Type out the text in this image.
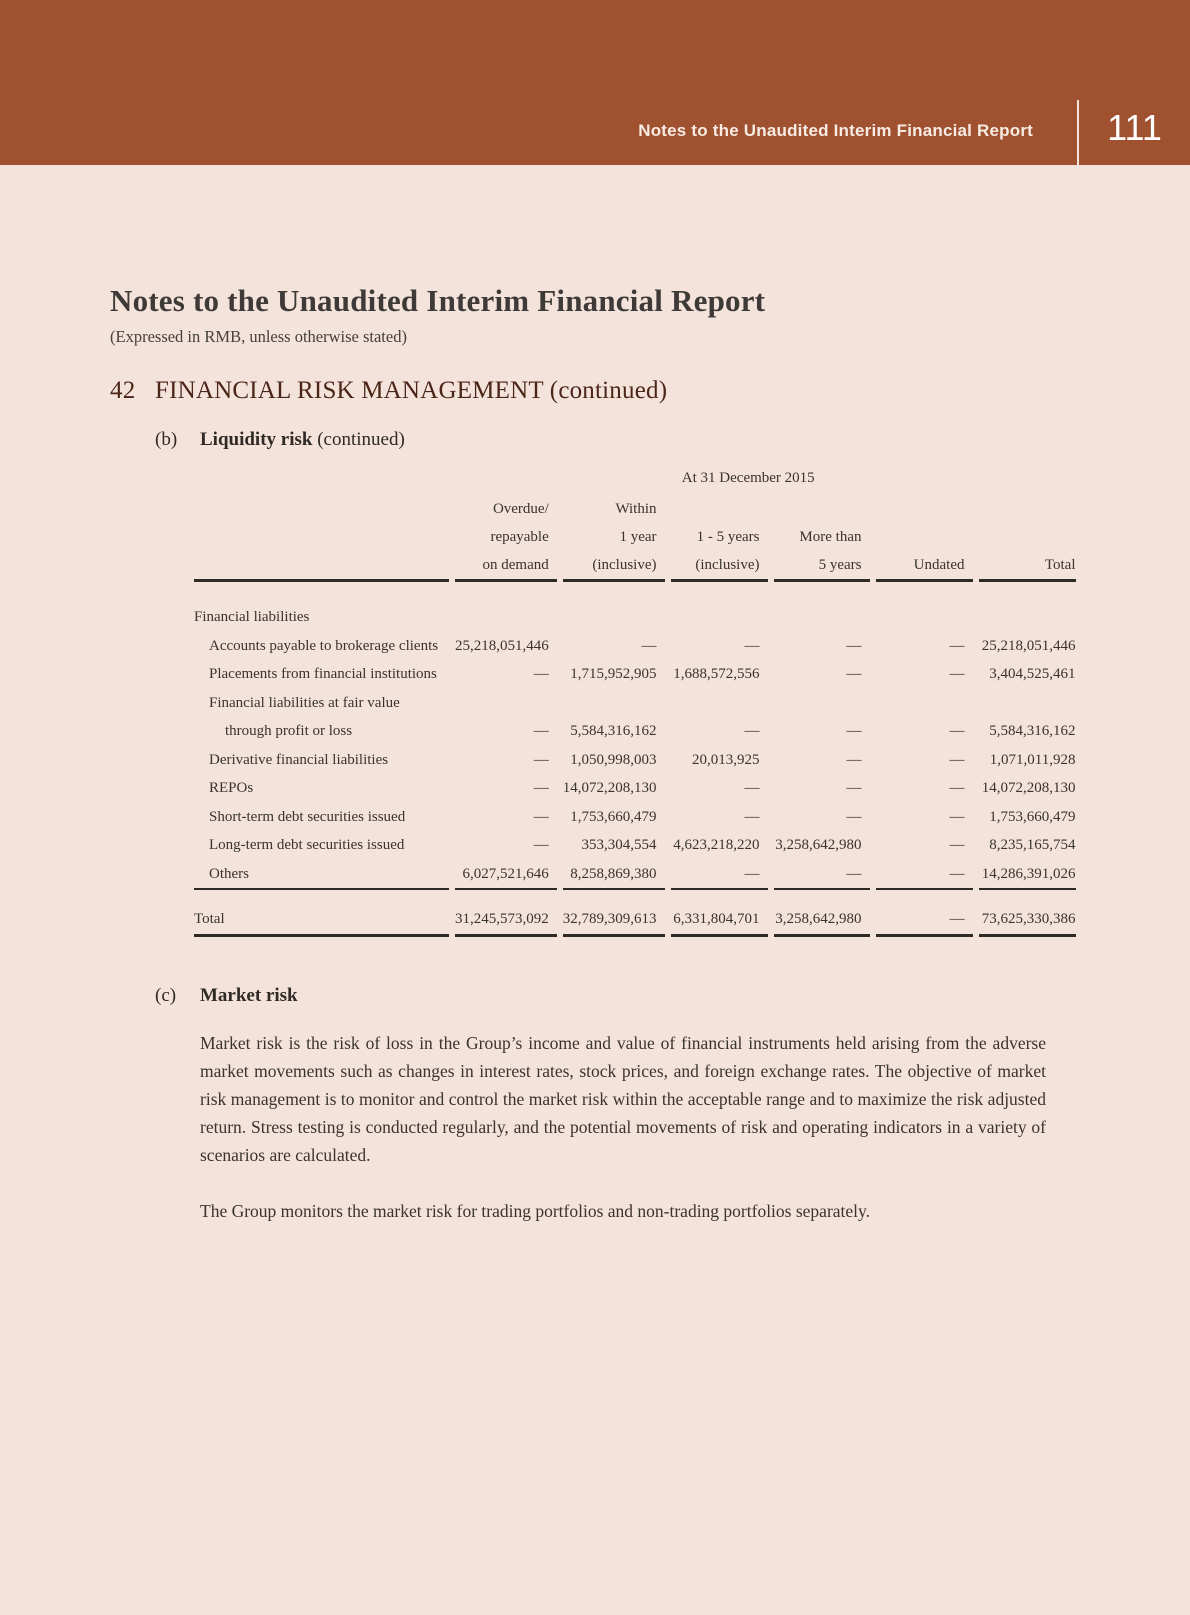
Notes to the Unaudited Interim Financial Report	111
Notes to the Unaudited Interim Financial Report
(Expressed in RMB, unless otherwise stated)
42 FINANCIAL RISK MANAGEMENT (continued)
(b)	Liquidity risk (continued)
	At 31 December 2015					
	Overdue/	Within				
	repayable	1 year	1 - 5 years	More than		
	on demand	(inclusive)	(inclusive)	5 years	Undated	Total
Financial liabilities						
Accounts payable to brokerage clients	25,218,051,446	—	—	—	—	25,218,051,446
Placements from financial institutions	—	1,715,952,905	1,688,572,556	—	—	3,404,525,461
Financial liabilities at fair value						
through profit or loss	—	5,584,316,162	—	—	—	5,584,316,162
Derivative financial liabilities	—	1,050,998,003	20,013,925	—	—	1,071,011,928
REPOs	—	14,072,208,130	—	—	—	14,072,208,130
Short-term debt securities issued	—	1,753,660,479	—	—	—	1,753,660,479
Long-term debt securities issued	—	353,304,554	4,623,218,220	3,258,642,980	—	8,235,165,754
Others	6,027,521,646	8,258,869,380	—	—	—	14,286,391,026
Total	31,245,573,092	32,789,309,613	6,331,804,701	3,258,642,980	—	73,625,330,386
(c)	Market risk

Market risk is the risk of loss in the Group’s income and value of financial instruments held arising from the adverse market movements such as changes in interest rates, stock prices, and foreign exchange rates. The objective of market risk management is to monitor and control the market risk within the acceptable range and to maximize the risk adjusted return. Stress testing is conducted regularly, and the potential movements of risk and operating indicators in a variety of scenarios are calculated.

The Group monitors the market risk for trading portfolios and non-trading portfolios separately.
